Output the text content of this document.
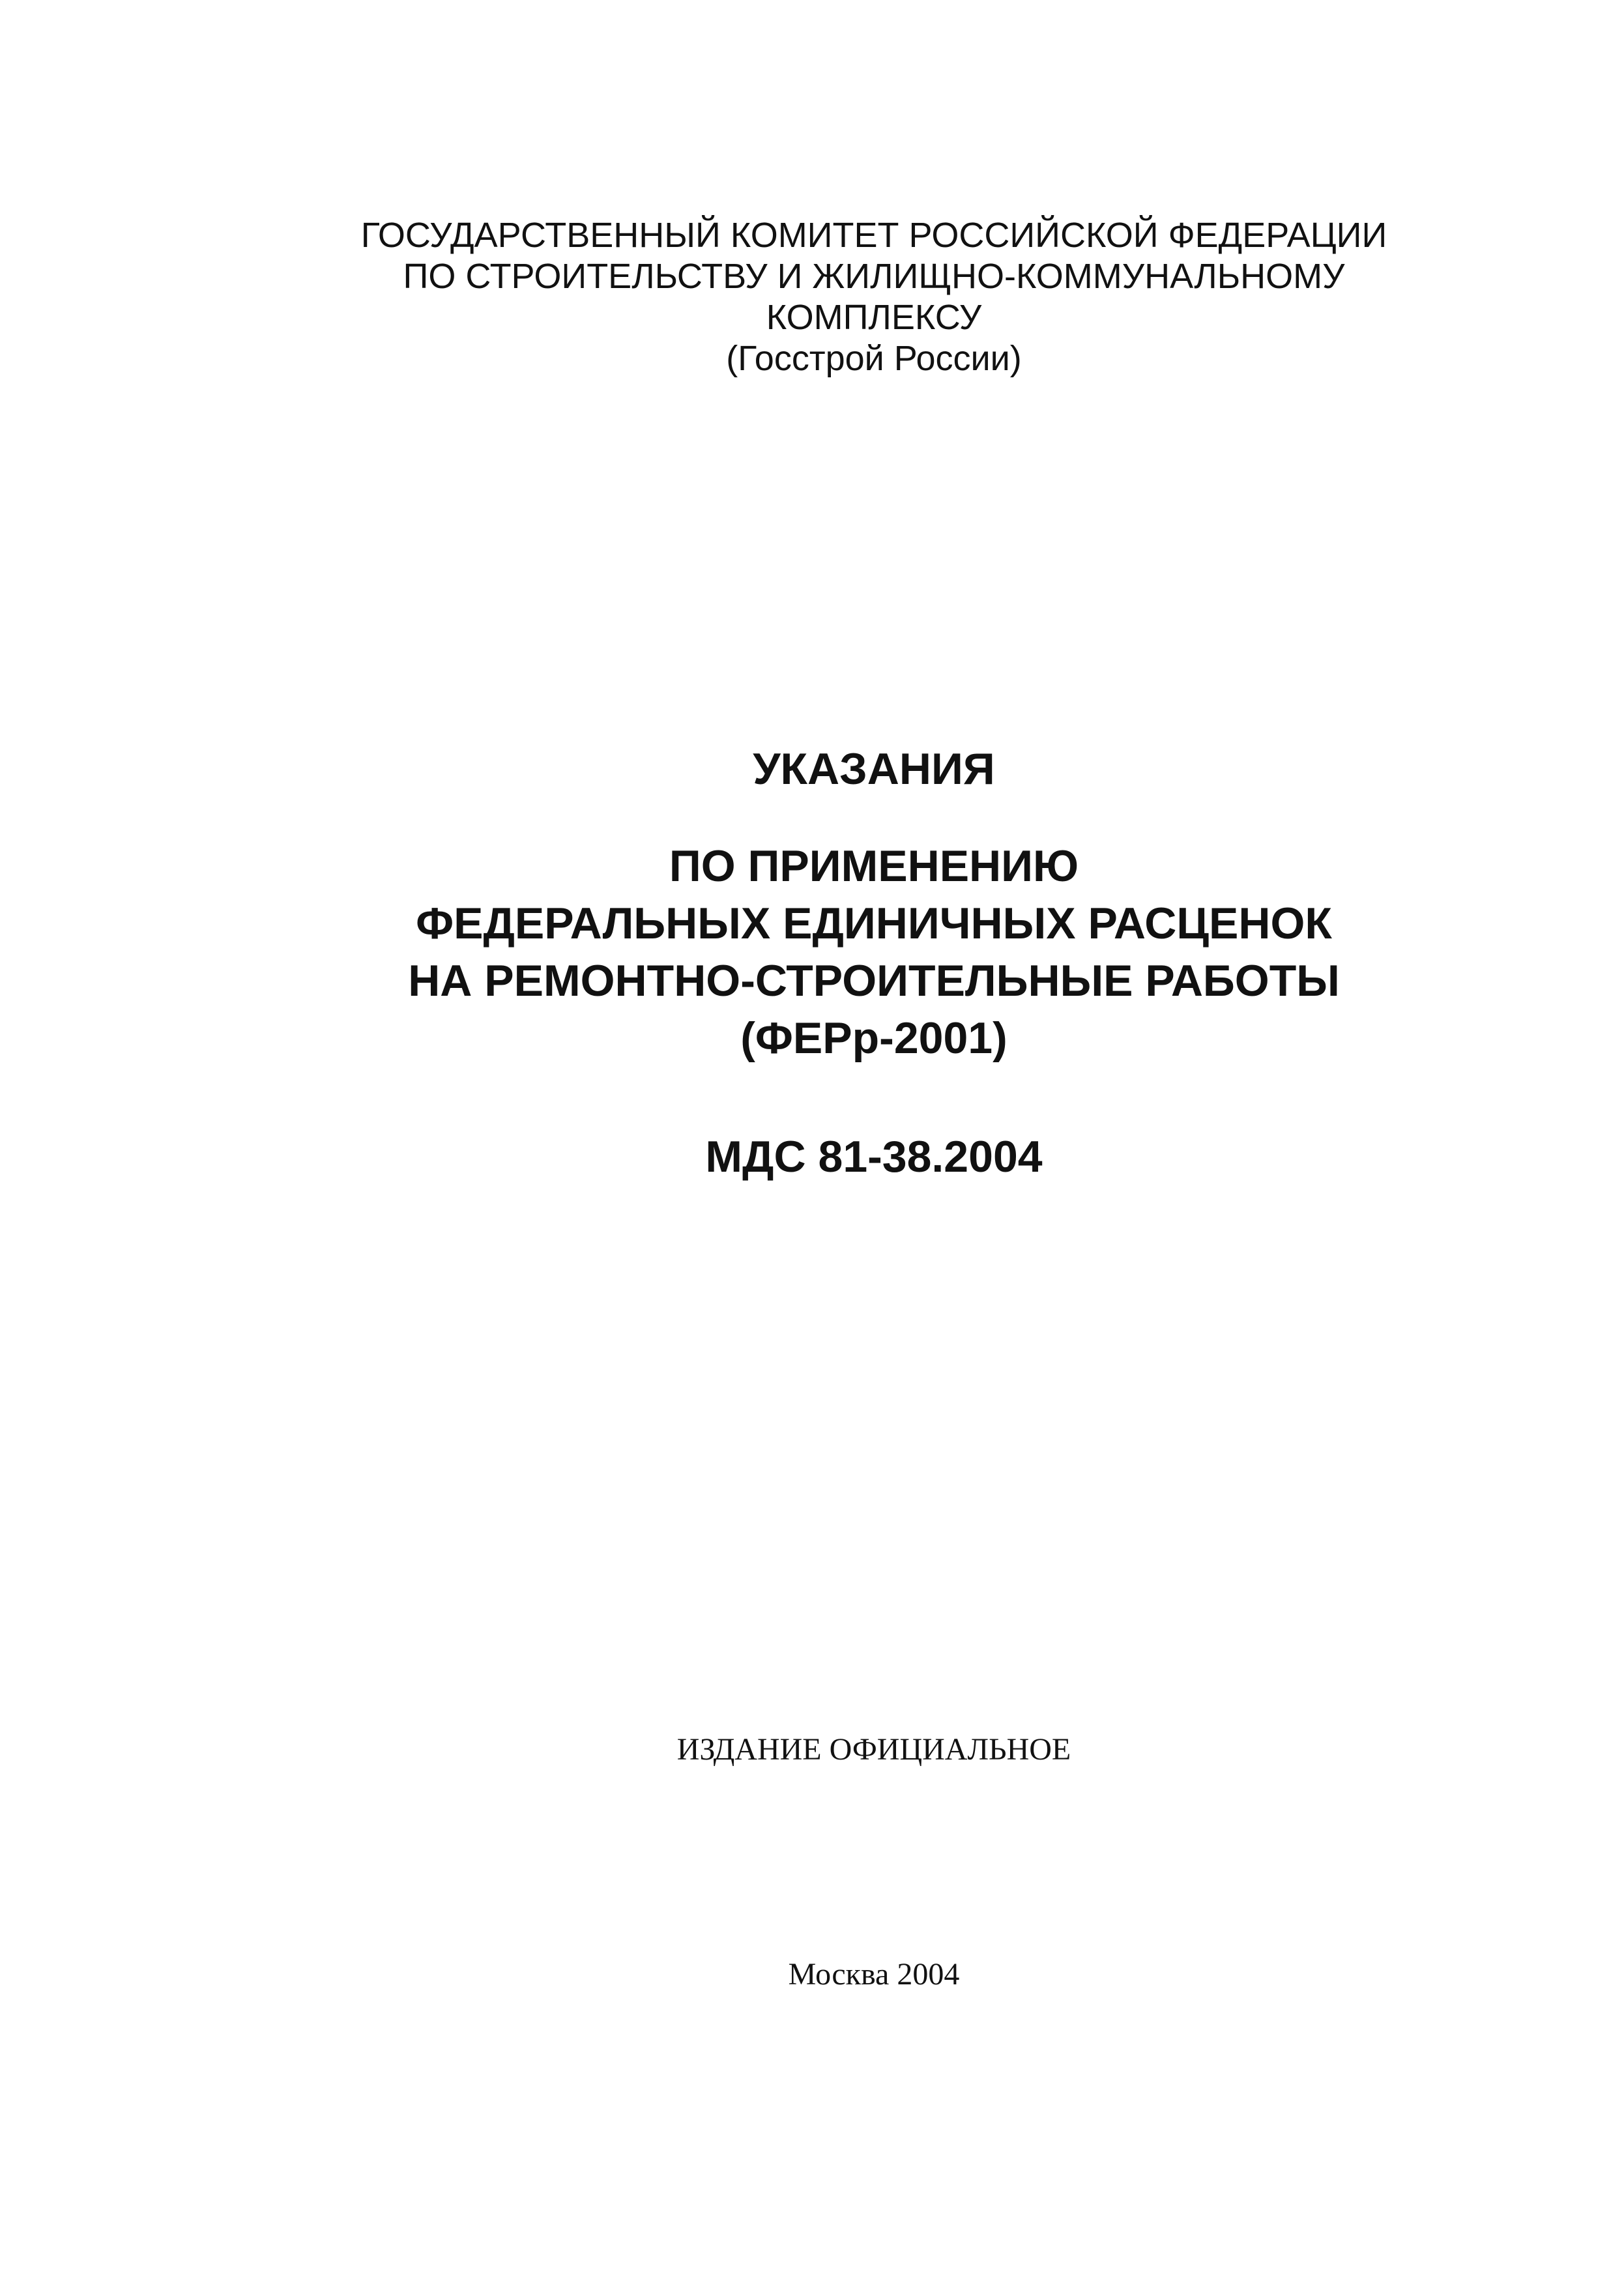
ГОСУДАРСТВЕННЫЙ КОМИТЕТ РОССИЙСКОЙ ФЕДЕРАЦИИ
ПО СТРОИТЕЛЬСТВУ И ЖИЛИЩНО-КОММУНАЛЬНОМУ
КОМПЛЕКСУ
(Госстрой России)
УКАЗАНИЯ
ПО ПРИМЕНЕНИЮ
ФЕДЕРАЛЬНЫХ ЕДИНИЧНЫХ РАСЦЕНОК
НА РЕМОНТНО-СТРОИТЕЛЬНЫЕ РАБОТЫ
(ФЕРр-2001)
МДС 81-38.2004
ИЗДАНИЕ ОФИЦИАЛЬНОЕ
Москва 2004
